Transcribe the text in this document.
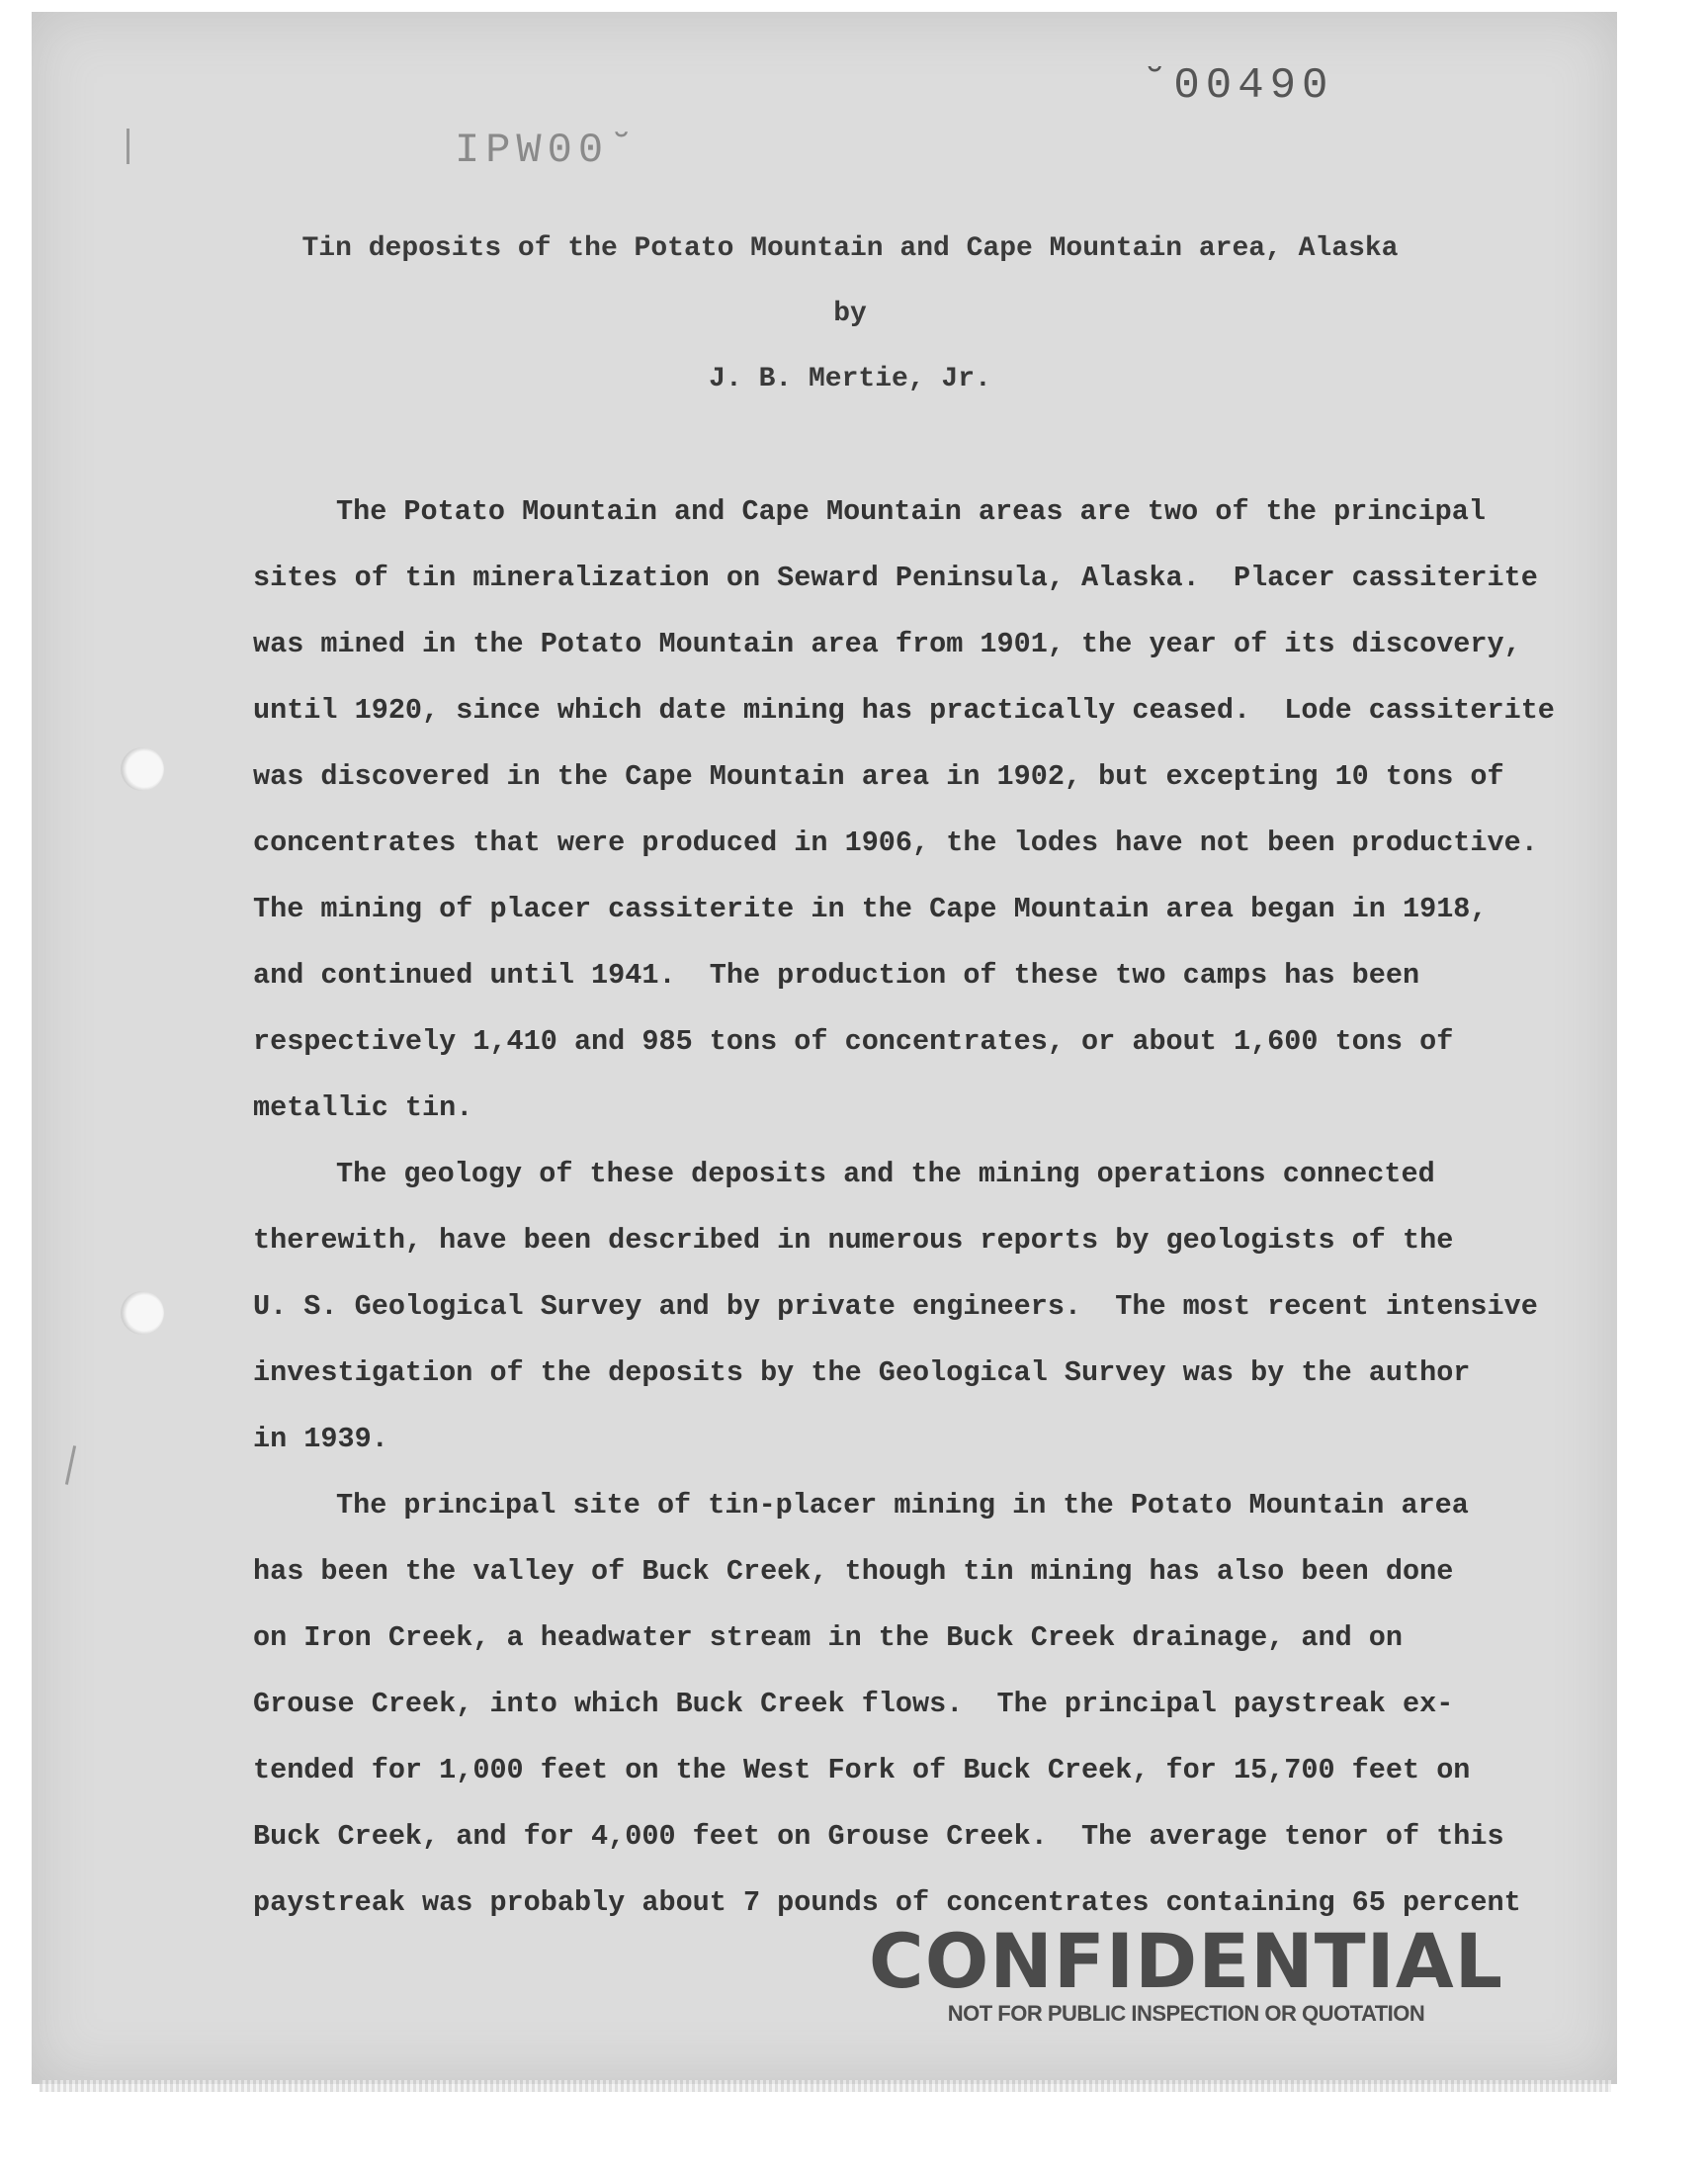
˘00490
IPW00˘
Tin deposits of the Potato Mountain and Cape Mountain area, Alaska
by
J. B. Mertie, Jr.
The Potato Mountain and Cape Mountain areas are two of the principal
sites of tin mineralization on Seward Peninsula, Alaska.  Placer cassiterite
was mined in the Potato Mountain area from 1901, the year of its discovery,
until 1920, since which date mining has practically ceased.  Lode cassiterite
was discovered in the Cape Mountain area in 1902, but excepting 10 tons of
concentrates that were produced in 1906, the lodes have not been productive.
The mining of placer cassiterite in the Cape Mountain area began in 1918,
and continued until 1941.  The production of these two camps has been
respectively 1,410 and 985 tons of concentrates, or about 1,600 tons of
metallic tin.
The geology of these deposits and the mining operations connected
therewith, have been described in numerous reports by geologists of the
U. S. Geological Survey and by private engineers.  The most recent intensive
investigation of the deposits by the Geological Survey was by the author
in 1939.
The principal site of tin-placer mining in the Potato Mountain area
has been the valley of Buck Creek, though tin mining has also been done
on Iron Creek, a headwater stream in the Buck Creek drainage, and on
Grouse Creek, into which Buck Creek flows.  The principal paystreak ex-
tended for 1,000 feet on the West Fork of Buck Creek, for 15,700 feet on
Buck Creek, and for 4,000 feet on Grouse Creek.  The average tenor of this
paystreak was probably about 7 pounds of concentrates containing 65 percent
CONFIDENTIAL
NOT FOR PUBLIC INSPECTION OR QUOTATION
